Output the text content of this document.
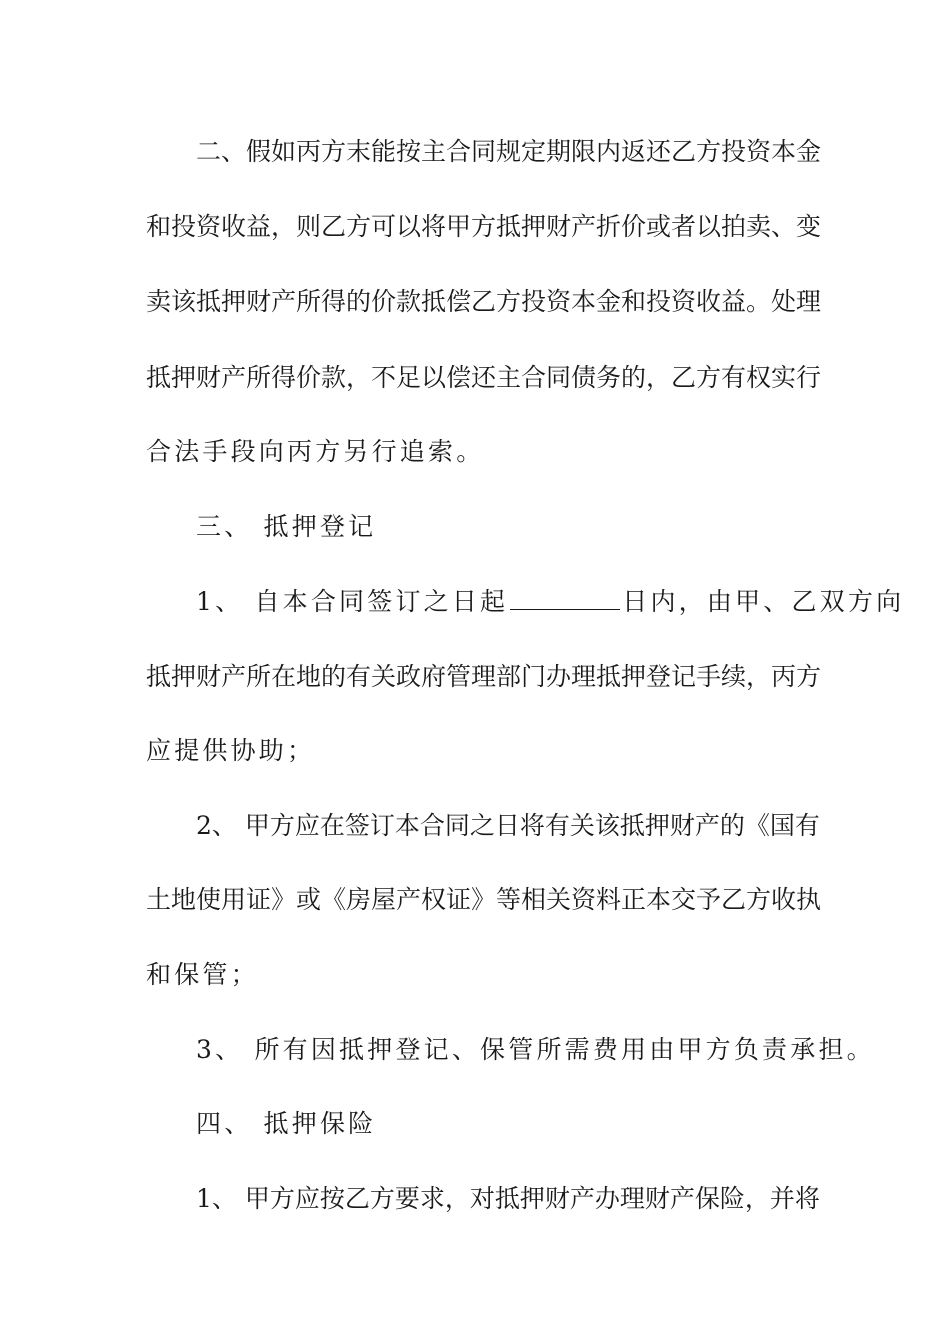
二、假如丙方末能按主合同规定期限内返还乙方投资本金
和投资收益，则乙方可以将甲方抵押财产折价或者以拍卖、变
卖该抵押财产所得的价款抵偿乙方投资本金和投资收益。处理
抵押财产所得价款，不足以偿还主合同债务的，乙方有权实行
合法手段向丙方另行追索。
三、 抵押登记
1、 自本合同签订之日起	日内，由甲、乙双方向
抵押财产所在地的有关政府管理部门办理抵押登记手续，丙方
应提供协助；
2、 甲方应在签订本合同之日将有关该抵押财产的《国有
土地使用证》或《房屋产权证》等相关资料正本交予乙方收执
和保管；
3、 所有因抵押登记、保管所需费用由甲方负责承担。
四、 抵押保险
1、 甲方应按乙方要求，对抵押财产办理财产保险，并将
